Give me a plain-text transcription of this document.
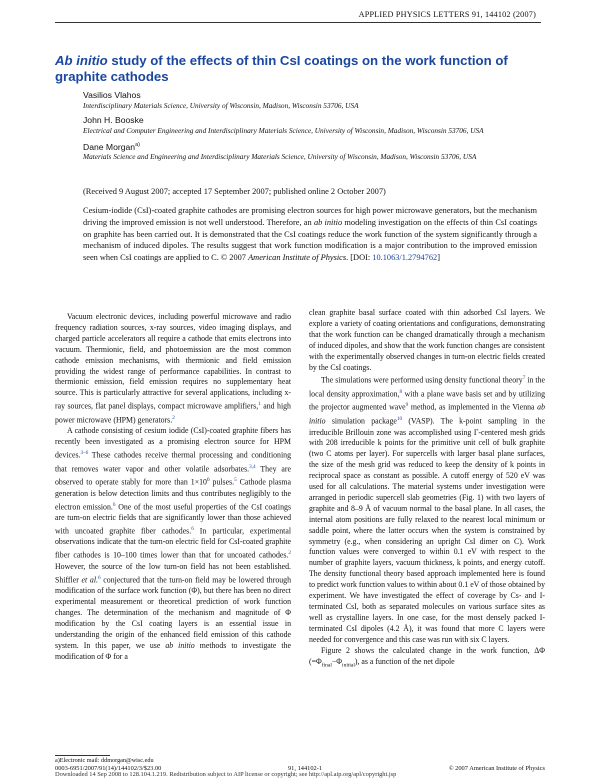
APPLIED PHYSICS LETTERS 91, 144102 (2007)
Ab initio study of the effects of thin CsI coatings on the work function of graphite cathodes
Vasilios Vlahos
Interdisciplinary Materials Science, University of Wisconsin, Madison, Wisconsin 53706, USA
John H. Booske
Electrical and Computer Engineering and Interdisciplinary Materials Science, University of Wisconsin, Madison, Wisconsin 53706, USA
Dane Morgan$^{a)}$
Materials Science and Engineering and Interdisciplinary Materials Science, University of Wisconsin, Madison, Wisconsin 53706, USA
(Received 9 August 2007; accepted 17 September 2007; published online 2 October 2007)
Cesium-iodide (CsI)-coated graphite cathodes are promising electron sources for high power microwave generators, but the mechanism driving the improved emission is not well understood. Therefore, an ab initio modeling investigation on the effects of thin CsI coatings on graphite has been carried out. It is demonstrated that the CsI coatings reduce the work function of the system significantly through a mechanism of induced dipoles. The results suggest that work function modification is a major contribution to the improved emission seen when CsI coatings are applied to C. © 2007 American Institute of Physics. [DOI: 10.1063/1.2794762]

Vacuum electronic devices, including powerful microwave and radio frequency radiation sources, x-ray sources, video imaging displays, and charged particle accelerators all require a cathode that emits electrons into vacuum. Thermionic, field, and photoemission are the most common cathode emission mechanisms, with thermionic and field emission providing the widest range of performance capabilities. In contrast to thermionic emission, field emission requires no supplementary heat source. This is particularly attractive for several applications, including x-ray sources, flat panel displays, compact microwave amplifiers,$^1$ and high power microwave (HPM) generators.$^2$

A cathode consisting of cesium iodide (CsI)-coated graphite fibers has recently been investigated as a promising electron source for HPM devices.$^{3-6}$ These cathodes receive thermal processing and conditioning that removes water vapor and other volatile adsorbates.$^{3,4}$ They are observed to operate stably for more than $1\times 10^6$ pulses.$^5$ Cathode plasma generation is below detection limits and thus contributes negligibly to the electron emission.$^6$ One of the most useful properties of the CsI coatings are turn-on electric fields that are significantly lower than those achieved with uncoated graphite fiber cathodes.$^6$ In particular, experimental observations indicate that the turn-on electric field for CsI-coated graphite fiber cathodes is 10–100 times lower than that for uncoated cathodes.$^2$ However, the source of the low turn-on field has not been established. Shiffler et al.$^6$ conjectured that the turn-on field may be lowered through modification of the surface work function (Φ), but there has been no direct experimental measurement or theoretical prediction of work function changes. The determination of the mechanism and magnitude of Φ modification by the CsI coating layers is an essential issue in understanding the origin of the enhanced field emission of this cathode system. In this paper, we use ab initio methods to investigate the modification of Φ for a

clean graphite basal surface coated with thin adsorbed CsI layers. We explore a variety of coating orientations and configurations, demonstrating that the work function can be changed dramatically through a mechanism of induced dipoles, and show that the work function changes are consistent with the experimentally observed changes in turn-on electric fields created by the CsI coatings.

The simulations were performed using density functional theory$^7$ in the local density approximation,$^8$ with a plane wave basis set and by utilizing the projector augmented wave$^9$ method, as implemented in the Vienna ab initio simulation package$^{10}$ (VASP). The k-point sampling in the irreducible Brillouin zone was accomplished using Γ-centered mesh grids with 208 irreducible k points for the primitive unit cell of bulk graphite (two C atoms per layer). For supercells with larger basal plane surfaces, the size of the mesh grid was reduced to keep the density of k points in reciprocal space as constant as possible. A cutoff energy of 520 eV was used for all calculations. The material systems under investigation were arranged in periodic supercell slab geometries (Fig. 1) with two layers of graphite and 8–9 Å of vacuum normal to the basal plane. In all cases, the internal atom positions are fully relaxed to the nearest local minimum or saddle point, where the latter occurs when the system is constrained by symmetry (e.g., when considering an upright CsI dimer on C). Work function values were converged to within 0.1 eV with respect to the number of graphite layers, vacuum thickness, k points, and energy cutoff. The density functional theory based approach implemented here is found to predict work function values to within about 0.1 eV of those obtained by experiment. We have investigated the effect of coverage by Cs- and I-terminated CsI, both as separated molecules on various surface sites as well as crystalline layers. In one case, for the most densely packed I-terminated CsI dipoles (4.2 Å), it was found that more C layers were needed for convergence and this case was run with six C layers.

Figure 2 shows the calculated change in the work function, ΔΦ $(=\Phi_{final}-\Phi_{initial})$, as a function of the net dipole

a)Electronic mail: ddmorgan@wisc.edu
0003-6951/2007/91(14)/144102/3/$23.00	91, 144102-1	© 2007 American Institute of Physics
Downloaded 14 Sep 2008 to 128.104.1.219. Redistribution subject to AIP license or copyright; see http://apl.aip.org/apl/copyright.jsp
